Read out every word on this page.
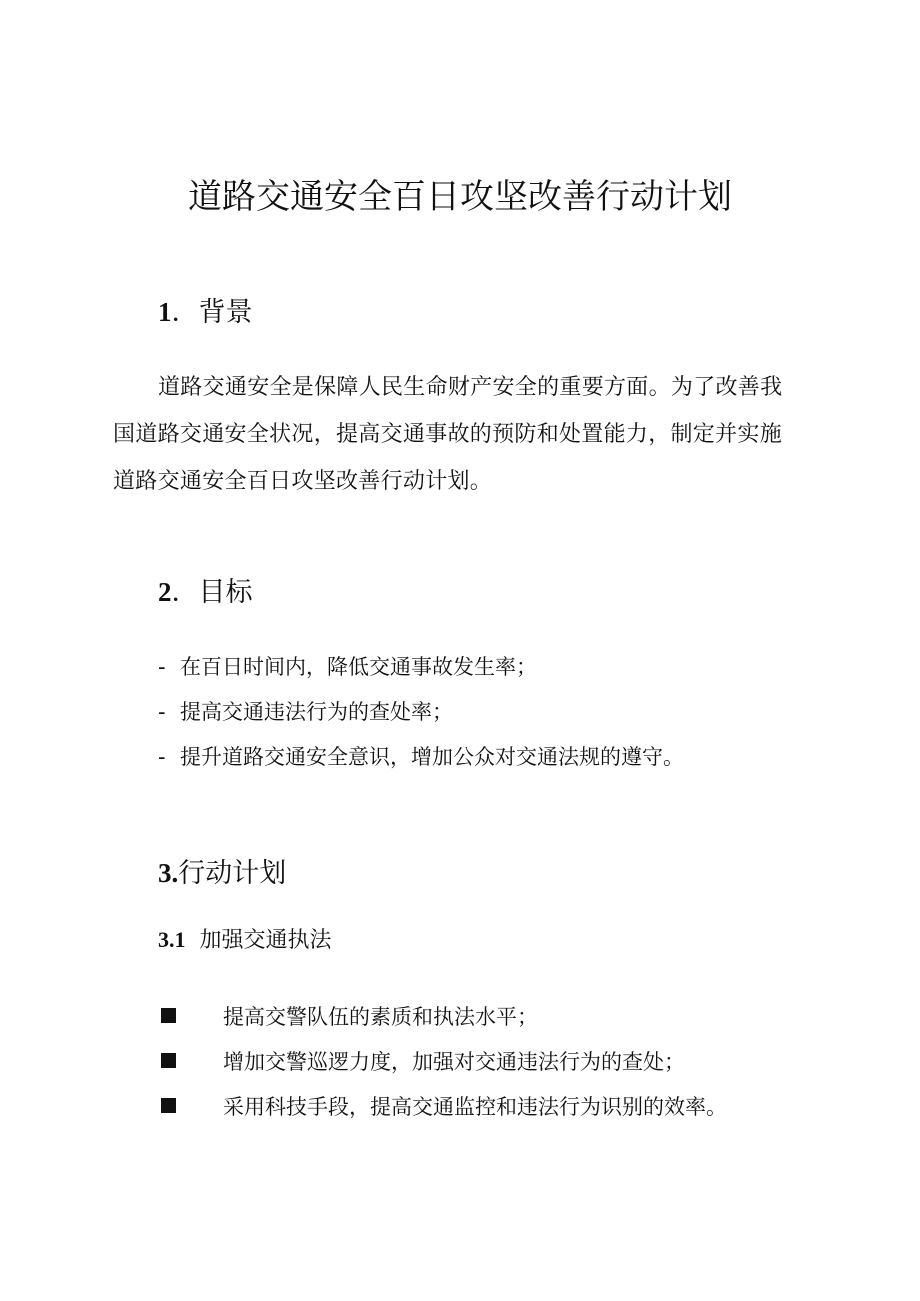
道路交通安全百日攻坚改善行动计划
1．背景

道路交通安全是保障人民生命财产安全的重要方面。为了改善我
国道路交通安全状况，提高交通事故的预防和处置能力，制定并实施
道路交通安全百日攻坚改善行动计划。

2．目标
- 在百日时间内，降低交通事故发生率；
- 提高交通违法行为的查处率；
- 提升道路交通安全意识，增加公众对交通法规的遵守。
3.行动计划
3.1 加强交通执法
提高交警队伍的素质和执法水平；
增加交警巡逻力度，加强对交通违法行为的查处；
采用科技手段，提高交通监控和违法行为识别的效率。
